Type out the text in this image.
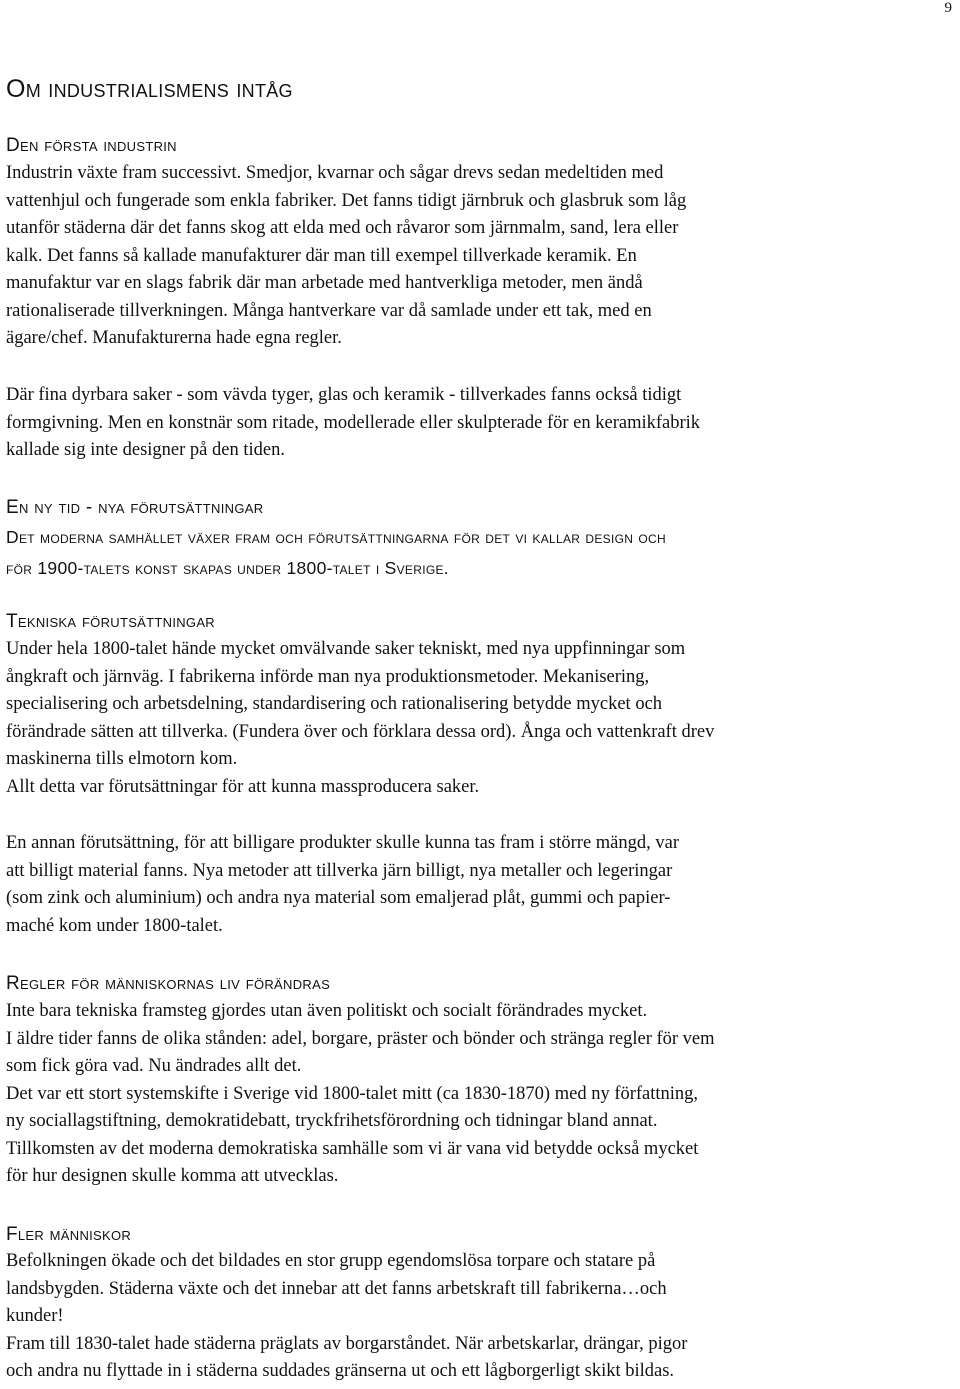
9
Om industrialismens intåg
Den första industrin

Industrin växte fram successivt. Smedjor, kvarnar och sågar drevs sedan medeltiden med
vattenhjul och fungerade som enkla fabriker. Det fanns tidigt järnbruk och glasbruk som låg
utanför städerna där det fanns skog att elda med och råvaror som järnmalm, sand, lera eller
kalk. Det fanns så kallade manufakturer där man till exempel tillverkade keramik. En
manufaktur var en slags fabrik där man arbetade med hantverkliga metoder, men ändå
rationaliserade tillverkningen. Många hantverkare var då samlade under ett tak, med en
ägare/chef. Manufakturerna hade egna regler.

Där fina dyrbara saker - som vävda tyger, glas och keramik - tillverkades fanns också tidigt
formgivning. Men en konstnär som ritade, modellerade eller skulpterade för en keramikfabrik
kallade sig inte designer på den tiden.

En ny tid - nya förutsättningar
Det moderna samhället växer fram och förutsättningarna för det vi kallar design och
för 1900-talets konst skapas under 1800-talet i Sverige.
Tekniska förutsättningar

Under hela 1800-talet hände mycket omvälvande saker tekniskt, med nya uppfinningar som
ångkraft och järnväg. I fabrikerna införde man nya produktionsmetoder. Mekanisering,
specialisering och arbetsdelning, standardisering och rationalisering betydde mycket och
förändrade sätten att tillverka. (Fundera över och förklara dessa ord). Ånga och vattenkraft drev
maskinerna tills elmotorn kom.
Allt detta var förutsättningar för att kunna massproducera saker.

En annan förutsättning, för att billigare produkter skulle kunna tas fram i större mängd, var
att billigt material fanns. Nya metoder att tillverka järn billigt, nya metaller och legeringar
(som zink och aluminium) och andra nya material som emaljerad plåt, gummi och papier-
maché kom under 1800-talet.

Regler för människornas liv förändras

Inte bara tekniska framsteg gjordes utan även politiskt och socialt förändrades mycket.
I äldre tider fanns de olika stånden: adel, borgare, präster och bönder och stränga regler för vem
som fick göra vad. Nu ändrades allt det.
Det var ett stort systemskifte i Sverige vid 1800-talet mitt (ca 1830-1870) med ny författning,
ny sociallagstiftning, demokratidebatt, tryckfrihetsförordning och tidningar bland annat.
Tillkomsten av det moderna demokratiska samhälle som vi är vana vid betydde också mycket
för hur designen skulle komma att utvecklas.

Fler människor

Befolkningen ökade och det bildades en stor grupp egendomslösa torpare och statare på
landsbygden. Städerna växte och det innebar att det fanns arbetskraft till fabrikerna…och
kunder!
Fram till 1830-talet hade städerna präglats av borgarståndet. När arbetskarlar, drängar, pigor
och andra nu flyttade in i städerna suddades gränserna ut och ett lågborgerligt skikt bildas.
